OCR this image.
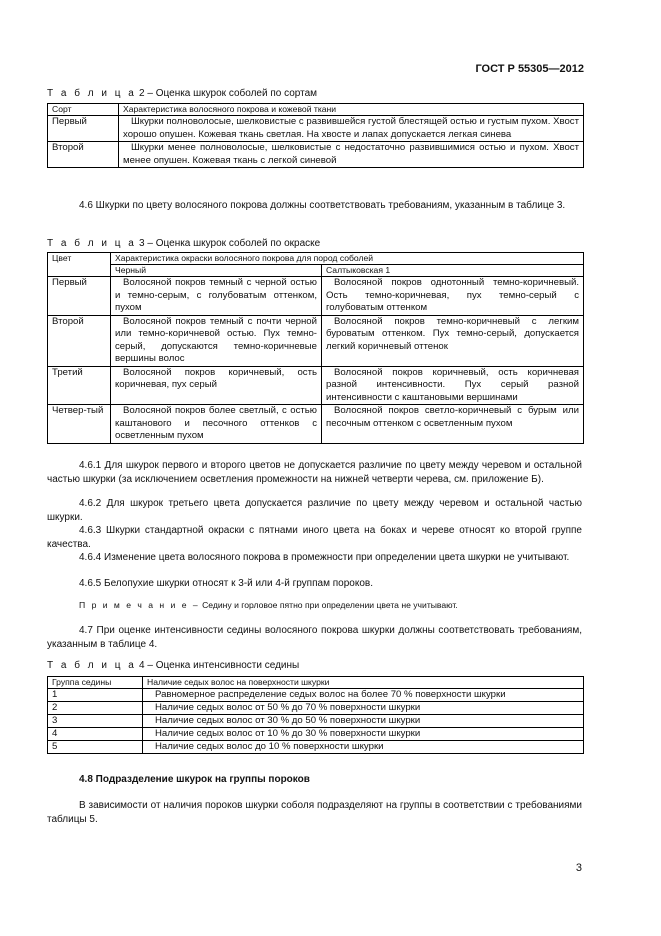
ГОСТ Р 55305—2012
Т а б л и ц а 2 – Оценка шкурок соболей по сортам
Сорт	Характеристика волосяного покрова и кожевой ткани
Первый	Шкурки полноволосые, шелковистые с развившейся густой блестящей остью и густым пухом. Хвост хорошо опушен. Кожевая ткань светлая. На хвосте и лапах допускается легкая синева
Второй	Шкурки менее полноволосые, шелковистые с недостаточно развившимися остью и пухом. Хвост менее опушен. Кожевая ткань с легкой синевой
4.6 Шкурки по цвету волосяного покрова должны соответствовать требованиям, указанным в таблице 3.
Т а б л и ц а 3 – Оценка шкурок соболей по окраске
Цвет	Характеристика окраски волосяного покрова для пород соболей	
	Черный	Салтыковская 1
Первый	Волосяной покров темный с черной остью и темно-серым, с голубоватым оттенком, пухом	Волосяной покров однотонный темно-коричневый. Ость темно-коричневая, пух темно-серый с голубоватым оттенком
Второй	Волосяной покров темный с почти черной или темно-коричневой остью. Пух темно-серый, допускаются темно-коричневые вершины волос	Волосяной покров темно-коричневый с легким буроватым оттенком. Пух темно-серый, допускается легкий коричневый оттенок
Третий	Волосяной покров коричневый, ость коричневая, пух серый	Волосяной покров коричневый, ость коричневая разной интенсивности. Пух серый разной интенсивности с каштановыми вершинами
Четвер-тый	Волосяной покров более светлый, с остью каштанового и песочного оттенков с осветленным пухом	Волосяной покров светло-коричневый с бурым или песочным оттенком с осветленным пухом
4.6.1 Для шкурок первого и второго цветов не допускается различие по цвету между черевом и остальной частью шкурки (за исключением осветления промежности на нижней четверти черева, см. приложение Б).
4.6.2 Для шкурок третьего цвета допускается различие по цвету между черевом и остальной частью шкурки.
4.6.3 Шкурки стандартной окраски с пятнами иного цвета на боках и череве относят ко второй группе качества.
4.6.4 Изменение цвета волосяного покрова в промежности при определении цвета шкурки не учитывают.
4.6.5 Белопухие шкурки относят к 3-й или 4-й группам пороков.
П р и м е ч а н и е – Седину и горловое пятно при определении цвета не учитывают.
4.7 При оценке интенсивности седины волосяного покрова шкурки должны соответствовать требованиям, указанным в таблице 4.
Т а б л и ц а 4 – Оценка интенсивности седины
Группа седины	Наличие седых волос на поверхности шкурки
1	Равномерное распределение седых волос на более 70 % поверхности шкурки
2	Наличие седых волос от 50 % до 70 % поверхности шкурки
3	Наличие седых волос от 30 % до 50 % поверхности шкурки
4	Наличие седых волос от 10 % до 30 % поверхности шкурки
5	Наличие седых волос до 10 % поверхности шкурки
4.8 Подразделение шкурок на группы пороков
В зависимости от наличия пороков шкурки соболя подразделяют на группы в соответствии с требованиями таблицы 5.
3
